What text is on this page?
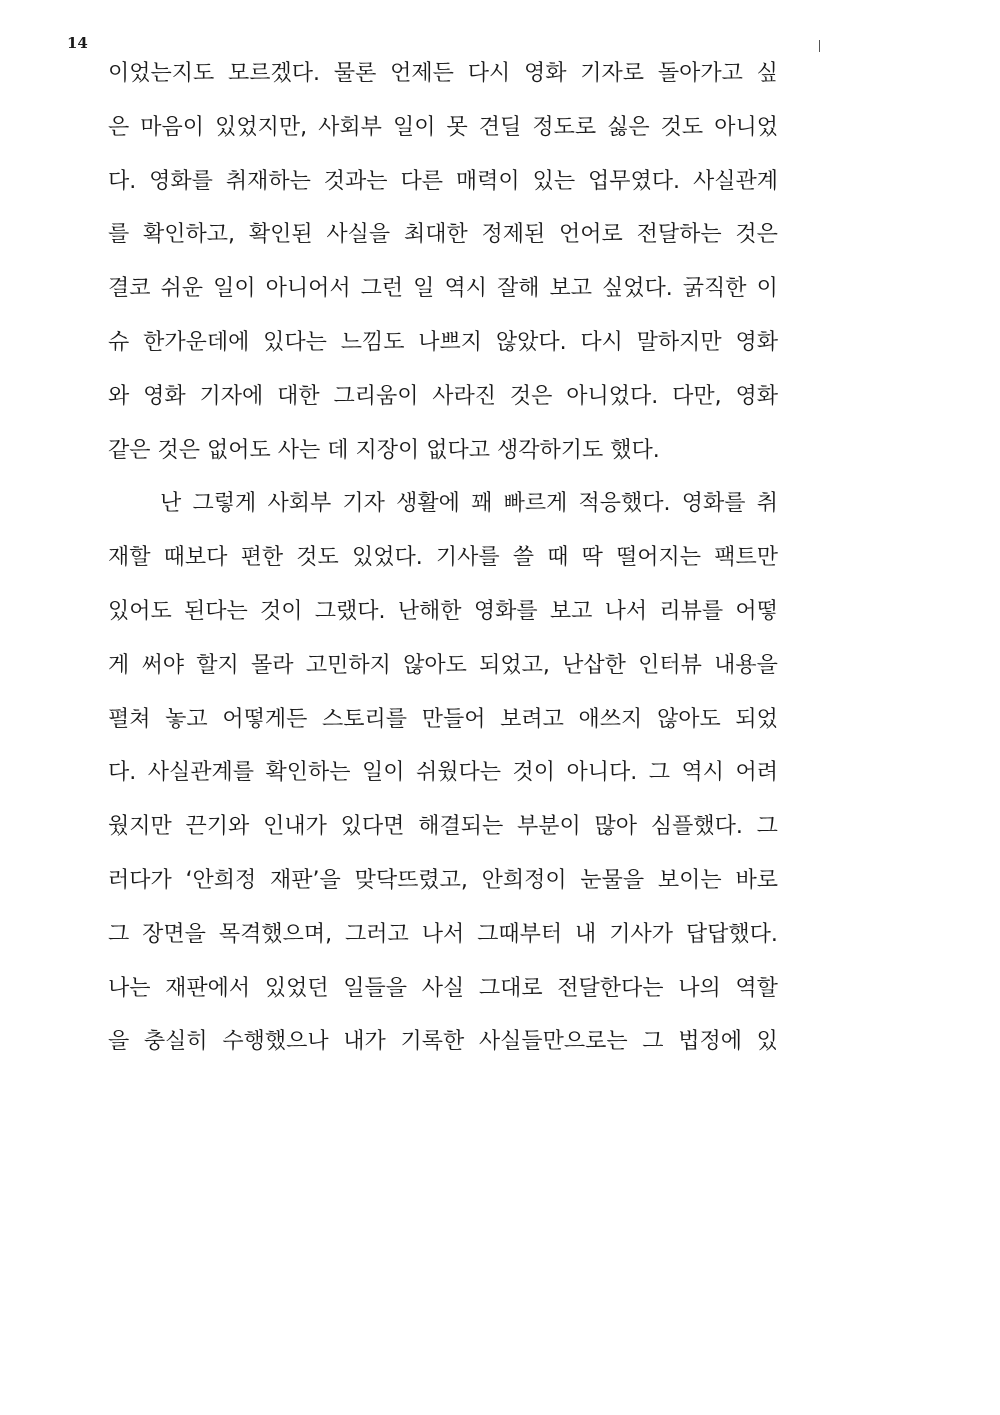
14
이었는지도 모르겠다. 물론 언제든 다시 영화 기자로 돌아가고 싶
은 마음이 있었지만, 사회부 일이 못 견딜 정도로 싫은 것도 아니었
다. 영화를 취재하는 것과는 다른 매력이 있는 업무였다. 사실관계
를 확인하고, 확인된 사실을 최대한 정제된 언어로 전달하는 것은
결코 쉬운 일이 아니어서 그런 일 역시 잘해 보고 싶었다. 굵직한 이
슈 한가운데에 있다는 느낌도 나쁘지 않았다. 다시 말하지만 영화
와 영화 기자에 대한 그리움이 사라진 것은 아니었다. 다만, 영화
같은 것은 없어도 사는 데 지장이 없다고 생각하기도 했다.
난 그렇게 사회부 기자 생활에 꽤 빠르게 적응했다. 영화를 취
재할 때보다 편한 것도 있었다. 기사를 쓸 때 딱 떨어지는 팩트만
있어도 된다는 것이 그랬다. 난해한 영화를 보고 나서 리뷰를 어떻
게 써야 할지 몰라 고민하지 않아도 되었고, 난삽한 인터뷰 내용을
펼쳐 놓고 어떻게든 스토리를 만들어 보려고 애쓰지 않아도 되었
다. 사실관계를 확인하는 일이 쉬웠다는 것이 아니다. 그 역시 어려
웠지만 끈기와 인내가 있다면 해결되는 부분이 많아 심플했다. 그
러다가 ‘안희정 재판’을 맞닥뜨렸고, 안희정이 눈물을 보이는 바로
그 장면을 목격했으며, 그러고 나서 그때부터 내 기사가 답답했다.
나는 재판에서 있었던 일들을 사실 그대로 전달한다는 나의 역할
을 충실히 수행했으나 내가 기록한 사실들만으로는 그 법정에 있
